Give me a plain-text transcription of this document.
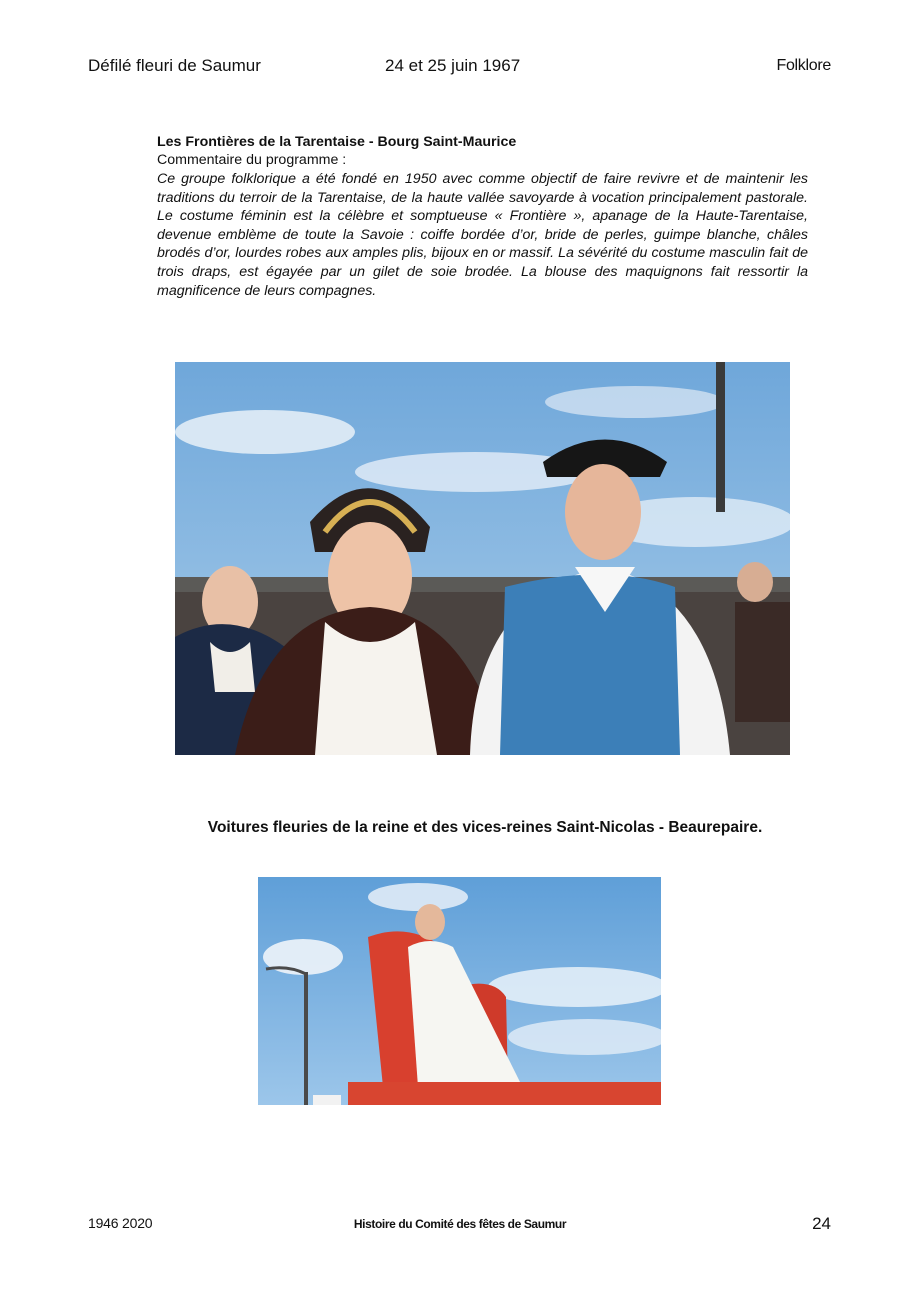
Défilé fleuri de Saumur	24 et 25 juin 1967	Folklore
Les Frontières de la Tarentaise - Bourg Saint-Maurice
Commentaire du programme :
Ce groupe folklorique a été fondé en 1950 avec comme objectif de faire revivre et de maintenir les traditions du terroir de la Tarentaise, de la haute vallée savoyarde à vocation principalement pastorale. Le costume féminin est la célèbre et somptueuse « Frontière », apanage de la Haute-Tarentaise, devenue emblème de toute la Savoie : coiffe bordée d’or, bride de perles, guimpe blanche, châles brodés d’or, lourdes robes aux amples plis, bijoux en or massif. La sévérité du costume masculin fait de trois draps, est égayée par un gilet de soie brodée. La blouse des maquignons fait ressortir la magnificence de leurs compagnes.
Voitures fleuries de la reine et des vices-reines Saint-Nicolas - Beaurepaire.
1946 2020	Histoire du Comité des fêtes de Saumur	24
